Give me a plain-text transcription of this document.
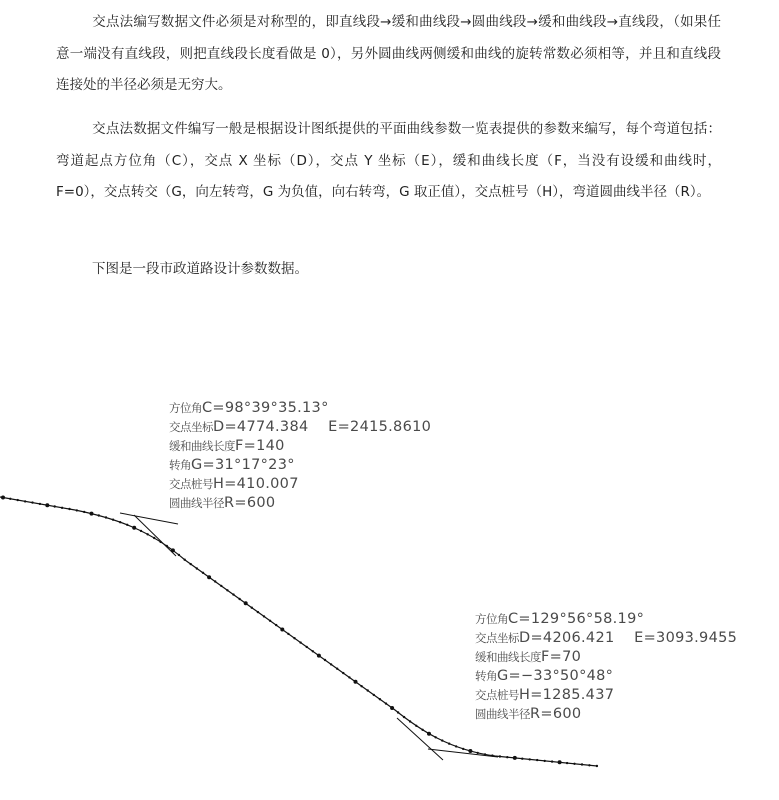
交点法编写数据文件必须是对称型的，即直线段→缓和曲线段→圆曲线段→缓和曲线段→直线段，（如果任意一端没有直线段，则把直线段长度看做是 0），另外圆曲线两侧缓和曲线的旋转常数必须相等，并且和直线段连接处的半径必须是无穷大。

交点法数据文件编写一般是根据设计图纸提供的平面曲线参数一览表提供的参数来编写，每个弯道包括：弯道起点方位角（C），交点 X 坐标（D），交点 Y 坐标（E），缓和曲线长度（F，当没有设缓和曲线时，F=0），交点转交（G，向左转弯，G 为负值，向右转弯，G 取正值），交点桩号（H），弯道圆曲线半径（R）。

下图是一段市政道路设计参数数据。

方位角C=98°39°35.13°
交点坐标D=4774.384    E=2415.8610
缓和曲线长度F=140
转角G=31°17°23°
交点桩号H=410.007
圆曲线半径R=600
方位角C=129°56°58.19°
交点坐标D=4206.421    E=3093.9455
缓和曲线长度F=70
转角G=−33°50°48°
交点桩号H=1285.437
圆曲线半径R=600
